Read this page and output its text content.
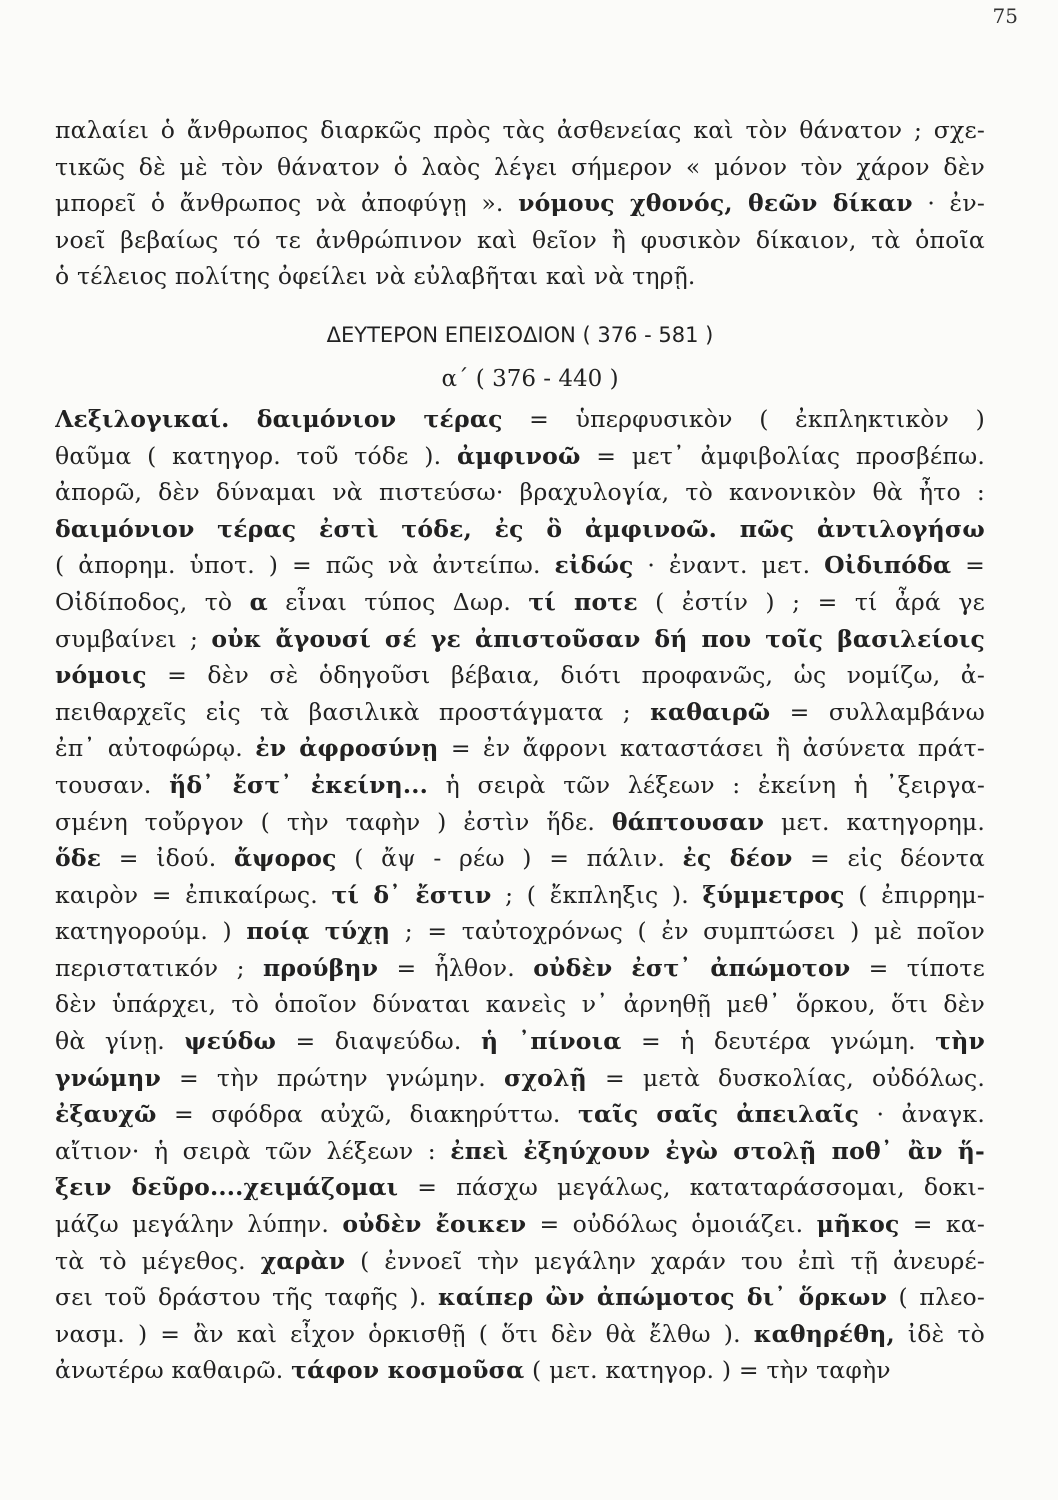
75
παλαίει ὁ ἄνθρωπος διαρκῶς πρὸς τὰς ἀσθενείας καὶ τὸν θάνατον ; σχε-
τικῶς δὲ μὲ τὸν θάνατον ὁ λαὸς λέγει σήμερον « μόνον τὸν χάρον δὲν
μπορεῖ ὁ ἄνθρωπος νὰ ἀποφύγῃ ». νόμους χθονός, θεῶν δίκαν · ἐν-
νοεῖ βεβαίως τό τε ἀνθρώπινον καὶ θεῖον ἢ φυσικὸν δίκαιον, τὰ ὁποῖα
ὁ τέλειος πολίτης ὀφείλει νὰ εὐλαβῆται καὶ νὰ τηρῇ.
ΔΕΥΤΕΡΟΝ ΕΠΕΙΣΟΔΙΟΝ ( 376 - 581 )
α΄ ( 376 - 440 )
Λεξιλογικαί. δαιμόνιον τέρας = ὑπερφυσικὸν ( ἐκπληκτικὸν )
θαῦμα ( κατηγορ. τοῦ τόδε ). ἀμφινοῶ = μετ᾽ ἀμφιβολίας προσβέπω.
ἀπορῶ, δὲν δύναμαι νὰ πιστεύσω· βραχυλογία, τὸ κανονικὸν θὰ ἦτο :
δαιμόνιον τέρας ἐστὶ τόδε, ἐς ὃ ἀμφινοῶ. πῶς ἀντιλογήσω
( ἀπορημ. ὑποτ. ) = πῶς νὰ ἀντείπω. εἰδώς · ἐναντ. μετ. Οἰδιπόδα =
Οἰδίποδος, τὸ α εἶναι τύπος Δωρ. τί ποτε ( ἐστίν ) ; = τί ἆρά γε
συμβαίνει ; οὐκ ἄγουσί σέ γε ἀπιστοῦσαν δή που τοῖς βασιλείοις
νόμοις = δὲν σὲ ὁδηγοῦσι βέβαια, διότι προφανῶς, ὡς νομίζω, ἀ-
πειθαρχεῖς εἰς τὰ βασιλικὰ προστάγματα ; καθαιρῶ = συλλαμβάνω
ἐπ᾽ αὐτοφώρῳ. ἐν ἀφροσύνῃ = ἐν ἄφρονι καταστάσει ἢ ἀσύνετα πράτ-
τουσαν. ἥδ᾽ ἔστ᾽ ἐκείνη... ἡ σειρὰ τῶν λέξεων : ἐκείνη ἡ ᾽ξειργα-
σμένη τοὔργον ( τὴν ταφὴν ) ἐστὶν ἥδε. θάπτουσαν μετ. κατηγορημ.
ὅδε = ἰδού. ἄψορος ( ἄψ - ρέω ) = πάλιν. ἐς δέον = εἰς δέοντα
καιρὸν = ἐπικαίρως. τί δ᾽ ἔστιν ; ( ἔκπληξις ). ξύμμετρος ( ἐπιρρημ-
κατηγορούμ. ) ποίᾳ τύχῃ ; = ταὐτοχρόνως ( ἐν συμπτώσει ) μὲ ποῖον
περιστατικόν ; προύβην = ἦλθον. οὐδὲν ἐστ᾽ ἀπώμοτον = τίποτε
δὲν ὑπάρχει, τὸ ὁποῖον δύναται κανεὶς ν᾽ ἀρνηθῇ μεθ᾽ ὅρκου, ὅτι δὲν
θὰ γίνῃ. ψεύδω = διαψεύδω. ἡ ᾽πίνοια = ἡ δευτέρα γνώμη. τὴν
γνώμην = τὴν πρώτην γνώμην. σχολῇ = μετὰ δυσκολίας, οὐδόλως.
ἐξαυχῶ = σφόδρα αὐχῶ, διακηρύττω. ταῖς σαῖς ἀπειλαῖς · ἀναγκ.
αἴτιον· ἡ σειρὰ τῶν λέξεων : ἐπεὶ ἐξηύχουν ἐγὼ στολῇ ποθ᾽ ἂν ἥ-
ξειν δεῦρο....χειμάζομαι = πάσχω μεγάλως, καταταράσσομαι, δοκι-
μάζω μεγάλην λύπην. οὐδὲν ἔοικεν = οὐδόλως ὁμοιάζει. μῆκος = κα-
τὰ τὸ μέγεθος. χαρὰν ( ἐννοεῖ τὴν μεγάλην χαράν του ἐπὶ τῇ ἀνευρέ-
σει τοῦ δράστου τῆς ταφῆς ). καίπερ ὢν ἀπώμοτος δι᾽ ὅρκων ( πλεο-
νασμ. ) = ἂν καὶ εἶχον ὁρκισθῇ ( ὅτι δὲν θὰ ἔλθω ). καθηρέθη, ἰδὲ τὸ
ἀνωτέρω καθαιρῶ. τάφον κοσμοῦσα ( μετ. κατηγορ. ) = τὴν ταφὴν
